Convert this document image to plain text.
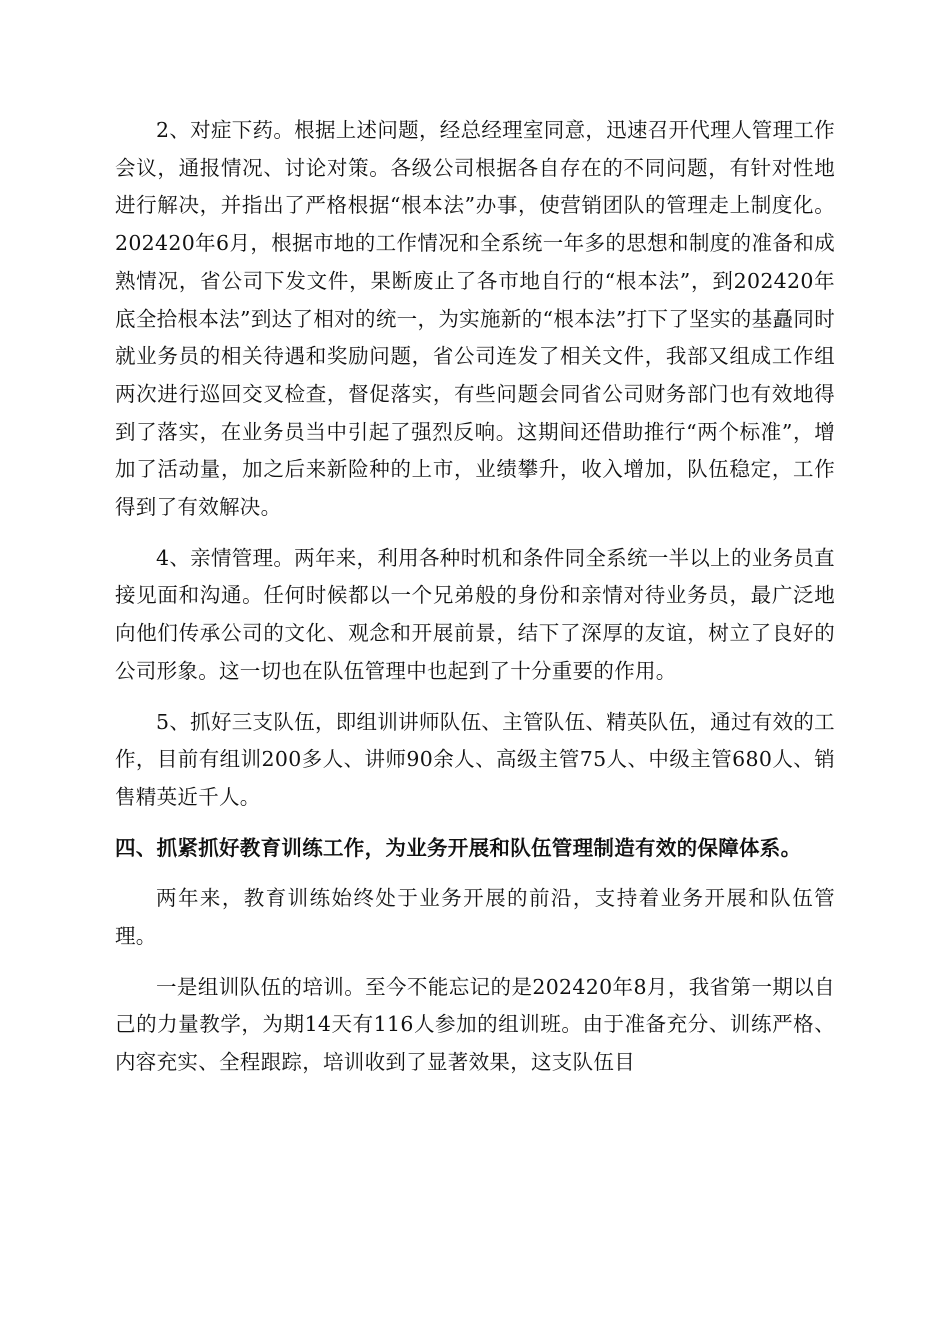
2、对症下药。根据上述问题，经总经理室同意，迅速召开代理人管理工作会议，通报情况、讨论对策。各级公司根据各自存在的不同问题，有针对性地进行解决，并指出了严格根据“根本法”办事，使营销团队的管理走上制度化。202420年6月，根据市地的工作情况和全系统一年多的思想和制度的准备和成熟情况，省公司下发文件，果断废止了各市地自行的“根本法”，到202420年底全拾根本法”到达了相对的统一，为实施新的“根本法”打下了坚实的基矗同时就业务员的相关待遇和奖励问题，省公司连发了相关文件，我部又组成工作组两次进行巡回交叉检查，督促落实，有些问题会同省公司财务部门也有效地得到了落实，在业务员当中引起了强烈反响。这期间还借助推行“两个标准”，增加了活动量，加之后来新险种的上市，业绩攀升，收入增加，队伍稳定，工作得到了有效解决。

4、亲情管理。两年来，利用各种时机和条件同全系统一半以上的业务员直接见面和沟通。任何时候都以一个兄弟般的身份和亲情对待业务员，最广泛地向他们传承公司的文化、观念和开展前景，结下了深厚的友谊，树立了良好的公司形象。这一切也在队伍管理中也起到了十分重要的作用。

5、抓好三支队伍，即组训讲师队伍、主管队伍、精英队伍，通过有效的工作，目前有组训200多人、讲师90余人、高级主管75人、中级主管680人、销售精英近千人。

四、抓紧抓好教育训练工作，为业务开展和队伍管理制造有效的保障体系。

两年来，教育训练始终处于业务开展的前沿，支持着业务开展和队伍管理。

一是组训队伍的培训。至今不能忘记的是202420年8月，我省第一期以自己的力量教学，为期14天有116人参加的组训班。由于准备充分、训练严格、内容充实、全程跟踪，培训收到了显著效果，这支队伍目
